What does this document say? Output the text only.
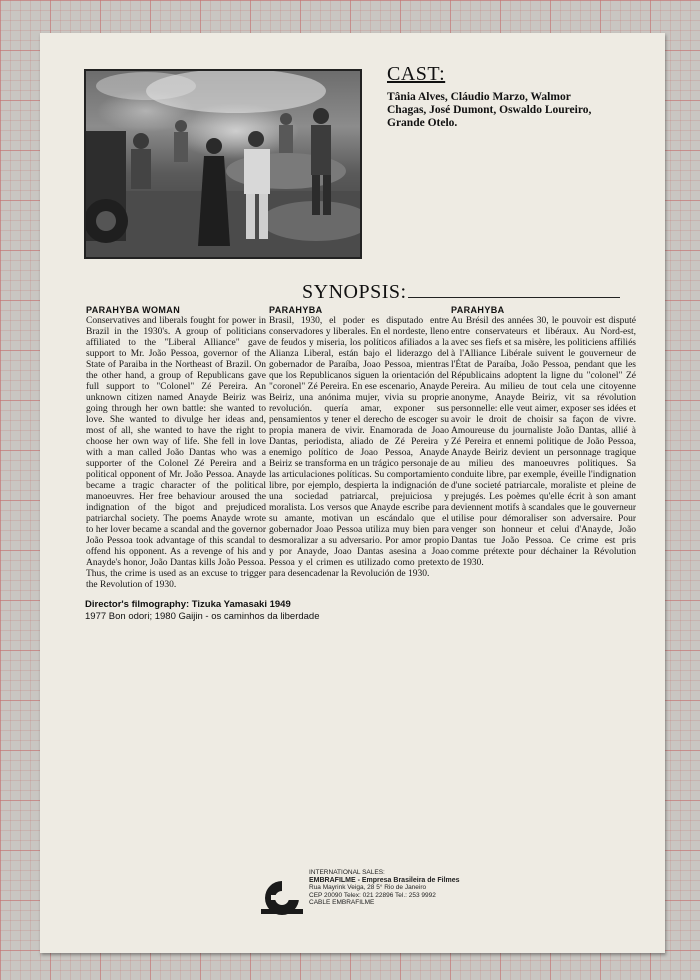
CAST:

Tânia Alves, Cláudio Marzo, Walmor Chagas, José Dumont, Oswaldo Loureiro, Grande Otelo.

SYNOPSIS:
PARAHYBA WOMAN

Conservatives and liberals fought for power in Brazil in the 1930's. A group of politicians affiliated to the "Liberal Alliance" gave support to Mr. João Pessoa, governor of the State of Paraiba in the Northeast of Brazil. On the other hand, a group of Republicans gave full support to "Colonel" Zé Pereira. An unknown citizen named Anayde Beiriz was going through her own battle: she wanted to love. She wanted to divulge her ideas and, most of all, she wanted to have the right to choose her own way of life. She fell in love with a man called João Dantas who was a supporter of the Colonel Zé Pereira and a political opponent of Mr. João Pessoa. Anayde became a tragic character of the political manoeuvres. Her free behaviour aroused the indignation of the bigot and prejudiced patriarchal society. The poems Anayde wrote to her lover became a scandal and the governor João Pessoa took advantage of this scandal to offend his opponent. As a revenge of his and Anayde's honor, João Dantas kills João Pessoa. Thus, the crime is used as an excuse to trigger the Revolution of 1930.

PARAHYBA

Brasil, 1930, el poder es disputado entre conservadores y liberales. En el nordeste, lleno de feudos y miseria, los políticos afiliados a la Alianza Liberal, están bajo el liderazgo del gobernador de Paraíba, Joao Pessoa, mientras que los Republicanos siguen la orientación del "coronel" Zé Pereira. En ese escenario, Anayde Beiriz, una anónima mujer, vivia su proprie revolución. quería amar, exponer sus pensamientos y tener el derecho de escoger su propia manera de vivir. Enamorada de Joao Dantas, periodista, aliado de Zé Pereira y enemigo político de Joao Pessoa, Anayde Beiriz se transforma en un trágico personaje de las articulaciones políticas. Su comportamiento libre, por ejemplo, despierta la indignación de una sociedad patriarcal, prejuiciosa y moralista. Los versos que Anayde escribe para su amante, motivan un escándalo que el gobernador Joao Pessoa utiliza muy bien para desmoralizar a su adversario. Por amor propio y por Anayde, Joao Dantas asesina a Joao Pessoa y el crimen es utilizado como pretexto para desencadenar la Revolución de 1930.

PARAHYBA

Au Brésil des années 30, le pouvoir est disputé entre conservateurs et libéraux. Au Nord-est, avec ses fiefs et sa misère, les politiciens affiliés à l'Alliance Libérale suivent le gouverneur de l'État de Paraíba, João Pessoa, pendant que les Républicains adoptent la ligne du "colonel" Zé Pereira. Au milieu de tout cela une citoyenne anonyme, Anayde Beiriz, vit sa révolution personnelle: elle veut aimer, exposer ses idées et avoir le droit de choisir sa façon de vivre. Amoureuse du journaliste João Dantas, allié à Zé Pereira et ennemi politique de João Pessoa, Anayde Beiriz devient un personnage tragique au milieu des manoeuvres politiques. Sa conduite libre, par exemple, éveille l'indignation d'une societé patriarcale, moraliste et pleine de prejugés. Les poèmes qu'elle écrit à son amant deviennent motifs à scandales que le gouverneur utilise pour démoraliser son adversaire. Pour venger son honneur et celui d'Anayde, João Dantas tue João Pessoa. Ce crime est pris comme prétexte pour déchainer la Révolution de 1930.

Director's filmography: Tizuka Yamasaki 1949
1977 Bon odori; 1980 Gaijin - os caminhos da liberdade
INTERNATIONAL SALES:
EMBRAFILME - Empresa Brasileira de Filmes
Rua Mayrink Veiga, 28 5° Rio de Janeiro
CEP 20090 Telex: 021 22896 Tel.: 253 9992
CABLE EMBRAFILME
